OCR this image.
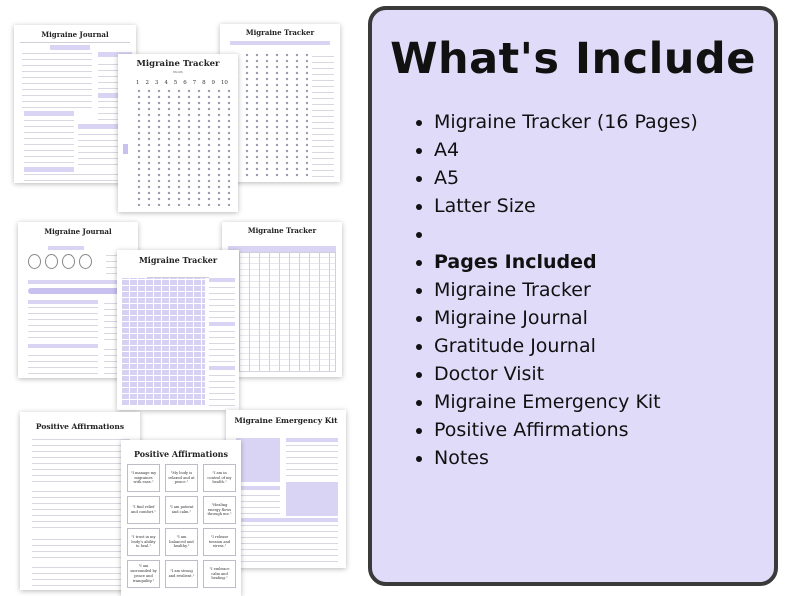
Migraine Journal	Migraine Tracker
Migraine Tracker
Month
1 2 3 4 5 6 7 8 9 10
Migraine Journal	Migraine Tracker
Migraine Tracker
Positive Affirmations
Migraine Emergency Kit
Positive Affirmations
"I manage my migraines with ease."
"My body is relaxed and at peace."
"I am in control of my health."
"I find relief and comfort."
"I am patient and calm."
"Healing energy flows through me."
"I trust in my body's ability to heal."
"I am balanced and healthy."
"I release tension and stress."
"I am surrounded by peace and tranquility."
"I am strong and resilient."
"I embrace calm and healing."
What's Include
Migraine Tracker (16 Pages)
A4
A5
Latter Size
Pages Included
Migraine Tracker
Migraine Journal
Gratitude Journal
Doctor Visit
Migraine Emergency Kit
Positive Affirmations
Notes
